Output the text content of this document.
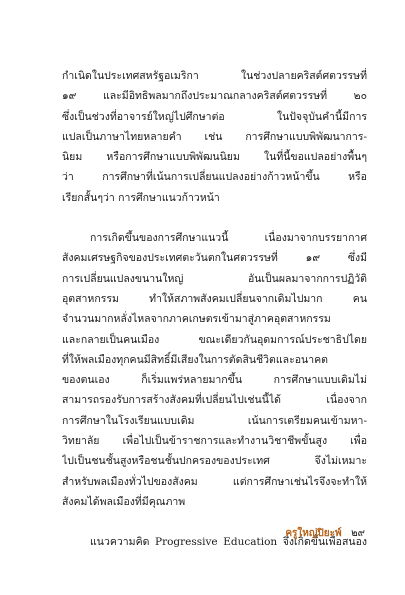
กำเนิดในประเทศสหรัฐอเมริกา ในช่วงปลายคริสต์ศตวรรษที่
๑๙ และมีอิทธิพลมากถึงประมาณกลางคริสต์ศตวรรษที่ ๒๐
ซึ่งเป็นช่วงที่อาจารย์ใหญ่ไปศึกษาต่อ ในปัจจุบันคำนี้มีการ
แปลเป็นภาษาไทยหลายคำ เช่น การศึกษาแบบพิพัฒนาการ-
นิยม หรือการศึกษาแบบพิพัฒนนิยม ในที่นี้ขอแปลอย่างพื้นๆ
ว่า การศึกษาที่เน้นการเปลี่ยนแปลงอย่างก้าวหน้าขึ้น หรือ
เรียกสั้นๆว่า การศึกษาแนวก้าวหน้า

การเกิดขึ้นของการศึกษาแนวนี้ เนื่องมาจากบรรยากาศ
สังคมเศรษฐกิจของประเทศตะวันตกในศตวรรษที่ ๑๙ ซึ่งมี
การเปลี่ยนแปลงขนานใหญ่ อันเป็นผลมาจากการปฏิวัติ
อุตสาหกรรม ทำให้สภาพสังคมเปลี่ยนจากเดิมไปมาก คน
จำนวนมากหลั่งไหลจากภาคเกษตรเข้ามาสู่ภาคอุตสาหกรรม
และกลายเป็นคนเมือง ขณะเดียวกันอุดมการณ์ประชาธิปไตย
ที่ให้พลเมืองทุกคนมีสิทธิ์มีเสียงในการตัดสินชีวิตและอนาคต
ของตนเอง ก็เริ่มแพร่หลายมากขึ้น การศึกษาแบบเดิมไม่
สามารถรองรับการสร้างสังคมที่เปลี่ยนไปเช่นนี้ได้ เนื่องจาก
การศึกษาในโรงเรียนแบบเดิม เน้นการเตรียมคนเข้ามหา-
วิทยาลัย เพื่อไปเป็นข้าราชการและทำงานวิชาชีพขั้นสูง เพื่อ
ไปเป็นชนชั้นสูงหรือชนชั้นปกครองของประเทศ จึงไม่เหมาะ
สำหรับพลเมืองทั่วไปของสังคม แต่การศึกษาเช่นไรจึงจะทำให้
สังคมได้พลเมืองที่มีคุณภาพ

แนวความคิด Progressive Education จึงเกิดขึ้นเพื่อสนอง

ครูใหญ่ปิยะพ์ ๒๙
